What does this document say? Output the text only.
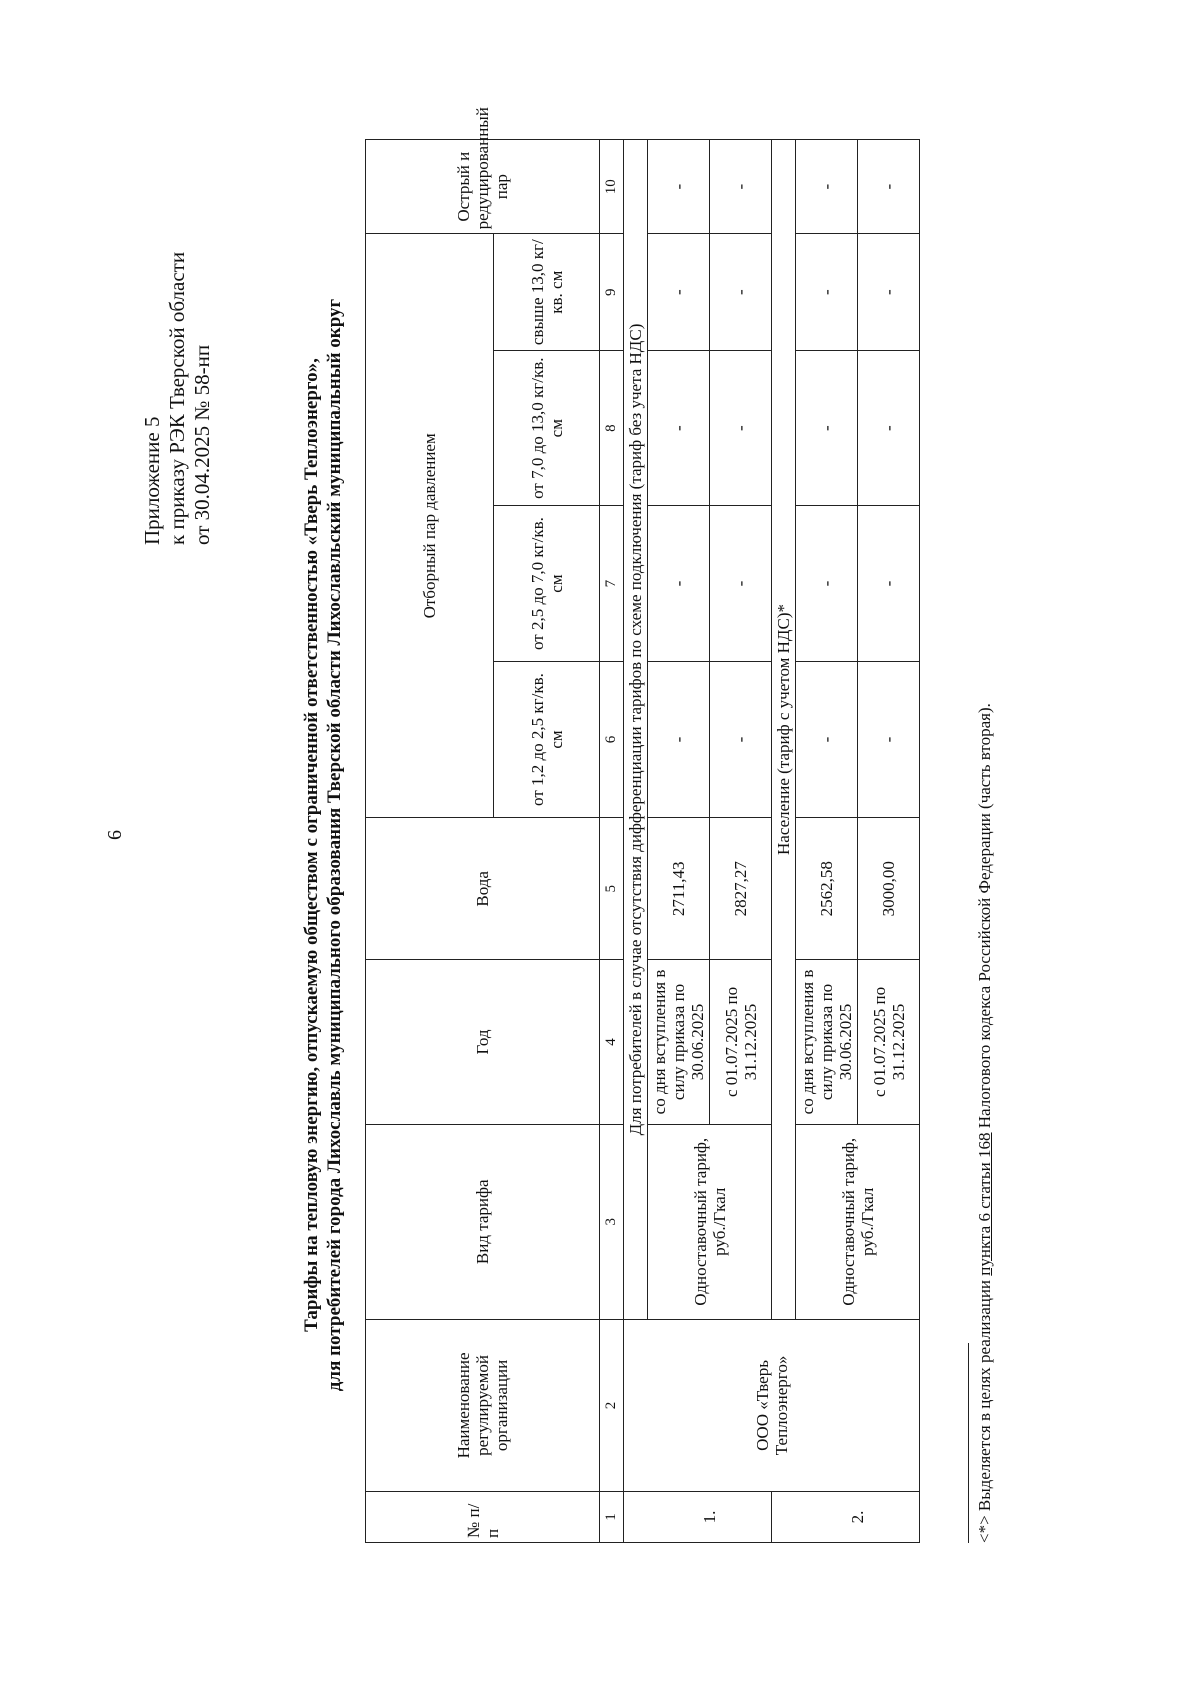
6
Приложение 5 к приказу РЭК Тверской области от 30.04.2025 № 58-нп	Тарифы на тепловую энергию, отпускаемую обществом с ограниченной ответственностью «Тверь Теплоэнерго», для потребителей города Лихославль муниципального образования Тверской области Лихославльский муниципальный округ
№ п/ п	Наименование регулируемой организации	Вид тарифа	Год	Вода	Отборный пар давлением				Острый и редуцированный пар
					от 1,2 до 2,5 кг/кв. см	от 2,5 до 7,0 кг/кв. см	от 7,0 до 13,0 кг/кв. см	свыше 13,0 кг/кв. см	
1	2	3	4	5	6	7	8	9	10
	ООО «Тверь Теплоэнерго»	Для потребителей в случае отсутствия дифференциации тарифов по схеме подключения (тариф без учета НДС)							
1.		Одноставочный тариф, руб./Гкал	со дня вступления в силу приказа по 30.06.2025	2711,43	-	-	-	-	-
			с 01.07.2025 по 31.12.2025	2827,27	-	-	-	-	-
		Население (тариф с учетом НДС)*							
2.		Одноставочный тариф, руб./Гкал	со дня вступления в силу приказа по 30.06.2025	2562,58	-	-	-	-	-
			с 01.07.2025 по 31.12.2025	3000,00	-	-	-	-	-
<*> Выделяется в целях реализации пункта 6 статьи 168 Налогового кодекса Российской Федерации (часть вторая).
